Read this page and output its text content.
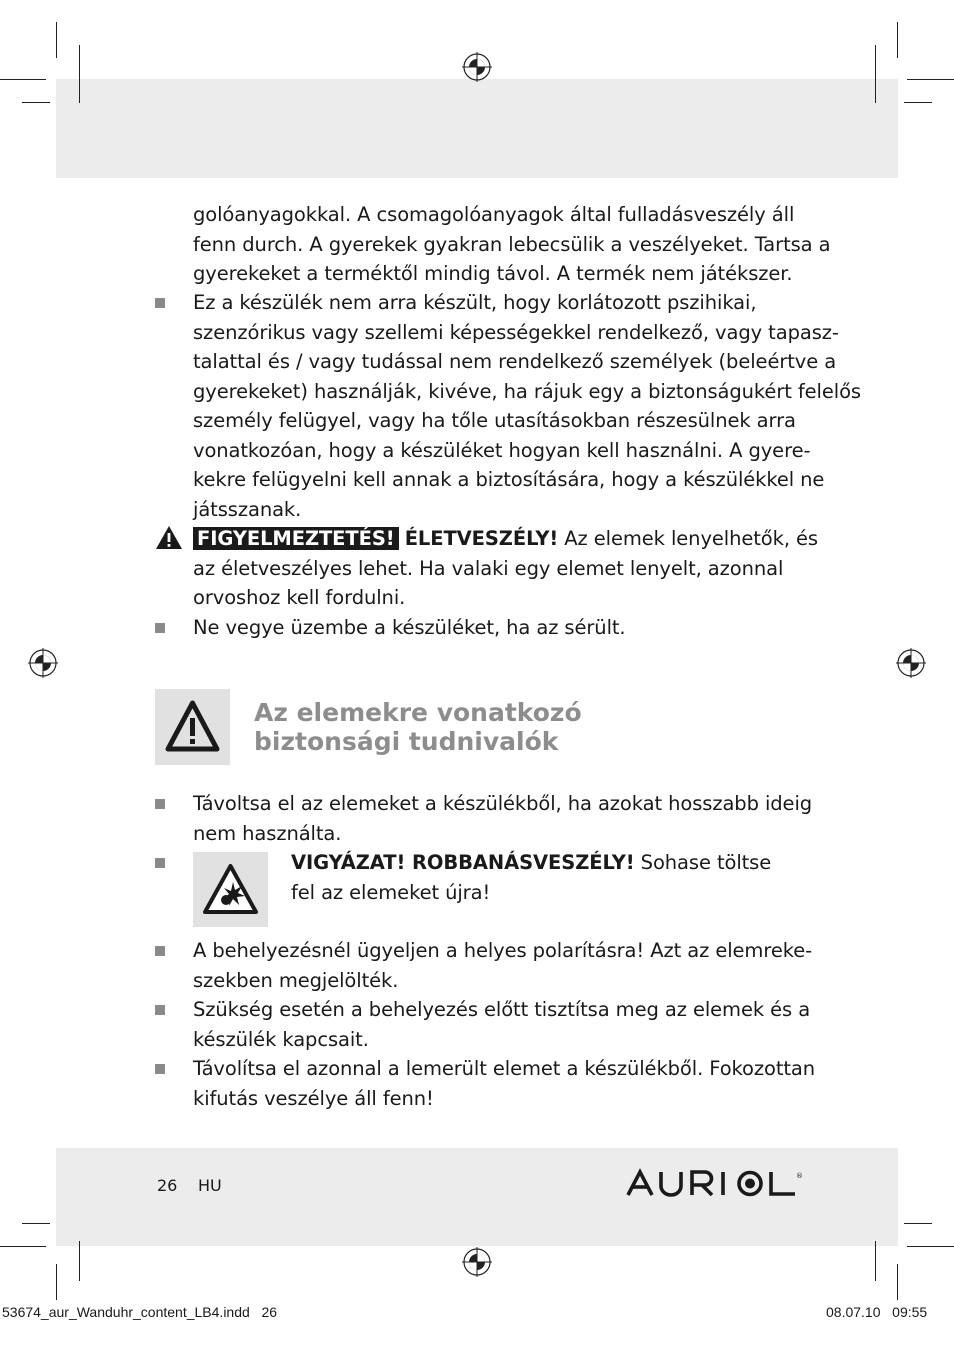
golóanyagokkal. A csomagolóanyagok által fulladásveszély áll
fenn durch. A gyerekek gyakran lebecsülik a veszélyeket. Tartsa a
gyerekeket a terméktől mindig távol. A termék nem játékszer.

Ez a készülék nem arra készült, hogy korlátozott pszihikai,
szenzórikus vagy szellemi képességekkel rendelkező, vagy tapasz-
talattal és / vagy tudással nem rendelkező személyek (beleértve a
gyerekeket) használják, kivéve, ha rájuk egy a biztonságukért felelős
személy felügyel, vagy ha tőle utasításokban részesülnek arra
vonatkozóan, hogy a készüléket hogyan kell használni. A gyere-
kekre felügyelni kell annak a biztosítására, hogy a készülékkel ne
játsszanak.

FIGYELMEZTETÉS! ÉLETVESZÉLY! Az elemek lenyelhetők, és
az életveszélyes lehet. Ha valaki egy elemet lenyelt, azonnal
orvoshoz kell fordulni.

Ne vegye üzembe a készüléket, ha az sérült.

Az elemekre vonatkozó
biztonsági tudnivalók

Távoltsa el az elemeket a készülékből, ha azokat hosszabb ideig
nem használta.

VIGYÁZAT! ROBBANÁSVESZÉLY! Sohase töltse
fel az elemeket újra!

A behelyezésnél ügyeljen a helyes polarításra! Azt az elemreke-
szekben megjelölték.

Szükség esetén a behelyezés előtt tisztítsa meg az elemek és a
készülék kapcsait.

Távolítsa el azonnal a lemerült elemet a készülékből. Fokozottan
kifutás veszélye áll fenn!

26 HU	®
53674_aur_Wanduhr_content_LB4.indd   26	08.07.10   09:55
